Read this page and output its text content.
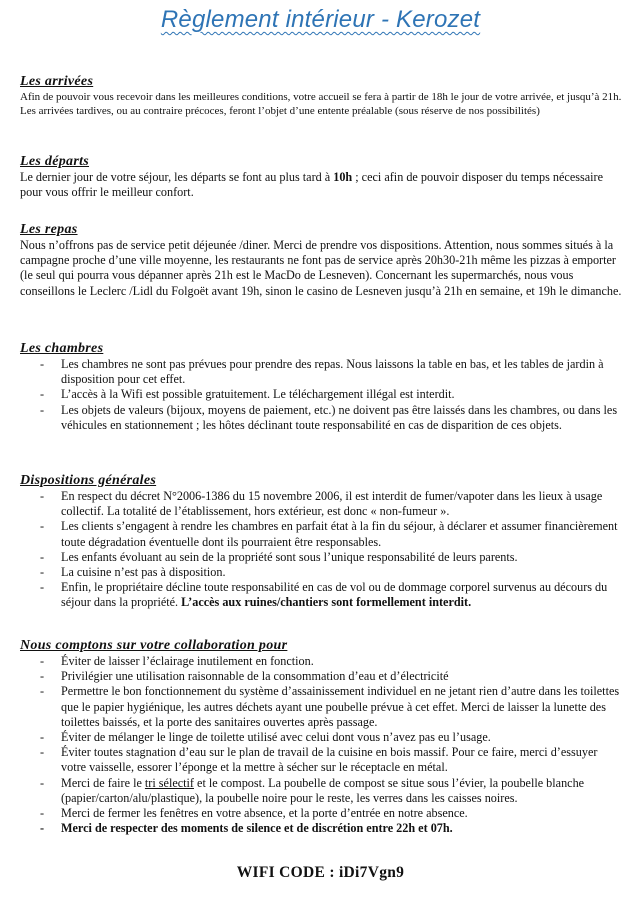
Règlement intérieur - Kerozet

Les arrivées

Afin de pouvoir vous recevoir dans les meilleures conditions, votre accueil se fera à partir de 18h le jour de votre arrivée, et jusqu’à 21h. Les arrivées tardives, ou au contraire précoces, feront l’objet d’une entente préalable (sous réserve de nos possibilités)

Les départs

Le dernier jour de votre séjour, les départs se font au plus tard à 10h ; ceci afin de pouvoir disposer du temps nécessaire pour vous offrir le meilleur confort.

Les repas

Nous n’offrons pas de service petit déjeunée /diner. Merci de prendre vos dispositions. Attention, nous sommes situés à la campagne proche d’une ville moyenne, les restaurants ne font pas de service après 20h30-21h même les pizzas à emporter (le seul qui pourra vous dépanner après 21h est le MacDo de Lesneven). Concernant les supermarchés, nous vous conseillons le Leclerc /Lidl du Folgoët avant 19h, sinon le casino de Lesneven jusqu’à 21h en semaine, et 19h le dimanche.

Les chambres

- Les chambres ne sont pas prévues pour prendre des repas. Nous laissons la table en bas, et les tables de jardin à disposition pour cet effet.
- L’accès à la Wifi est possible gratuitement. Le téléchargement illégal est interdit.
- Les objets de valeurs (bijoux, moyens de paiement, etc.) ne doivent pas être laissés dans les chambres, ou dans les véhicules en stationnement ; les hôtes déclinant toute responsabilité en cas de disparition de ces objets.

Dispositions générales

- En respect du décret N°2006-1386 du 15 novembre 2006, il est interdit de fumer/vapoter dans les lieux à usage collectif. La totalité de l’établissement, hors extérieur, est donc « non-fumeur ».
- Les clients s’engagent à rendre les chambres en parfait état à la fin du séjour, à déclarer et assumer financièrement toute dégradation éventuelle dont ils pourraient être responsables.
- Les enfants évoluant au sein de la propriété sont sous l’unique responsabilité de leurs parents.
- La cuisine n’est pas à disposition.
- Enfin, le propriétaire décline toute responsabilité en cas de vol ou de dommage corporel survenus au décours du séjour dans la propriété. L’accès aux ruines/chantiers sont formellement interdit.

Nous comptons sur votre collaboration pour

- Éviter de laisser l’éclairage inutilement en fonction.
- Privilégier une utilisation raisonnable de la consommation d’eau et d’électricité
- Permettre le bon fonctionnement du système d’assainissement individuel en ne jetant rien d’autre dans les toilettes que le papier hygiénique, les autres déchets ayant une poubelle prévue à cet effet. Merci de laisser la lunette des toilettes baissés, et la porte des sanitaires ouvertes après passage.
- Éviter de mélanger le linge de toilette utilisé avec celui dont vous n’avez pas eu l’usage.
- Éviter toutes stagnation d’eau sur le plan de travail de la cuisine en bois massif. Pour ce faire, merci d’essuyer votre vaisselle, essorer l’éponge et la mettre à sécher sur le réceptacle en métal.
- Merci de faire le tri sélectif et le compost. La poubelle de compost se situe sous l’évier, la poubelle blanche (papier/carton/alu/plastique), la poubelle noire pour le reste, les verres dans les caisses noires.
- Merci de fermer les fenêtres en votre absence, et la porte d’entrée en notre absence.
- Merci de respecter des moments de silence et de discrétion entre 22h et 07h.

WIFI CODE : iDi7Vgn9
